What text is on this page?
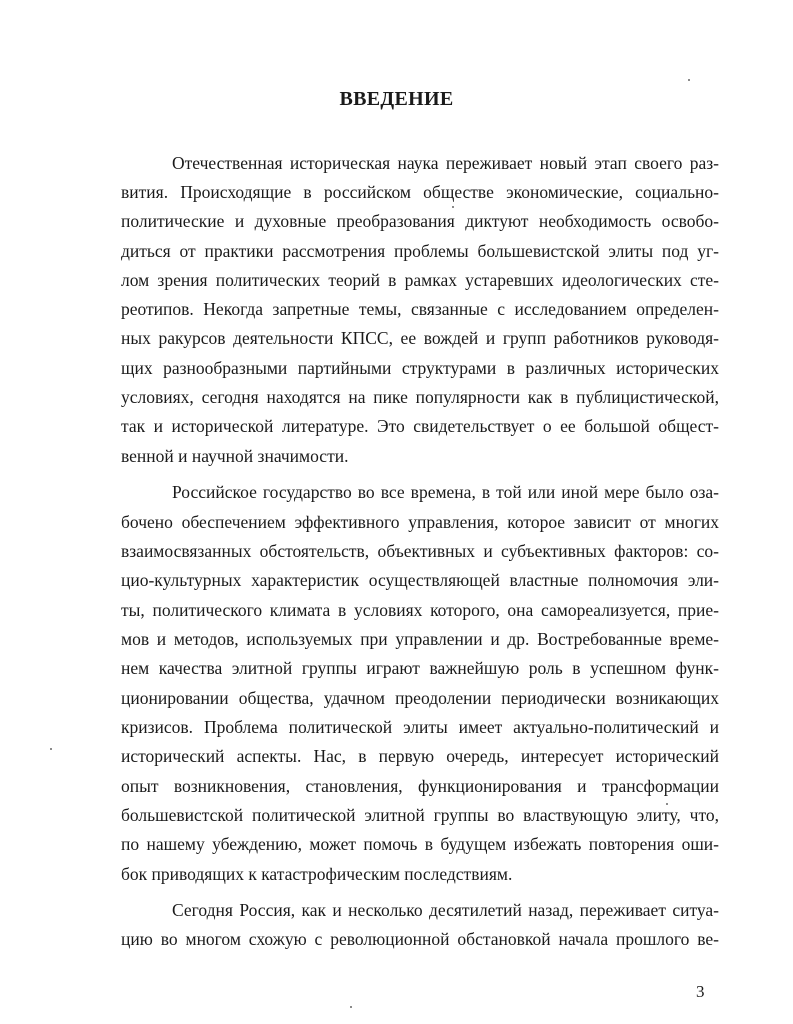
ВВЕДЕНИЕ

Отечественная историческая наука переживает новый этап своего раз-

вития. Происходящие в российском обществе экономические, социально-

политические и духовные преобразования диктуют необходимость освобо-

диться от практики рассмотрения проблемы большевистской элиты под уг-

лом зрения политических теорий в рамках устаревших идеологических сте-

реотипов. Некогда запретные темы, связанные с исследованием определен-

ных ракурсов деятельности КПСС, ее вождей и групп работников руководя-

щих разнообразными партийными структурами в различных исторических

условиях, сегодня находятся на пике популярности как в публицистической,

так и исторической литературе. Это свидетельствует о ее большой общест-

венной и научной значимости.

Российское государство во все времена, в той или иной мере было оза-

бочено обеспечением эффективного управления, которое зависит от многих

взаимосвязанных обстоятельств, объективных и субъективных факторов: со-

цио-культурных характеристик осуществляющей властные полномочия эли-

ты, политического климата в условиях которого, она самореализуется, прие-

мов и методов, используемых при управлении и др. Востребованные време-

нем качества элитной группы играют важнейшую роль в успешном функ-

ционировании общества, удачном преодолении периодически возникающих

кризисов. Проблема политической элиты имеет актуально-политический и

исторический аспекты. Нас, в первую очередь, интересует исторический

опыт возникновения, становления, функционирования и трансформации

большевистской политической элитной группы во властвующую элиту, что,

по нашему убеждению, может помочь в будущем избежать повторения оши-

бок приводящих к катастрофическим последствиям.

Сегодня Россия, как и несколько десятилетий назад, переживает ситуа-

цию во многом схожую с революционной обстановкой начала прошлого ве-

3
